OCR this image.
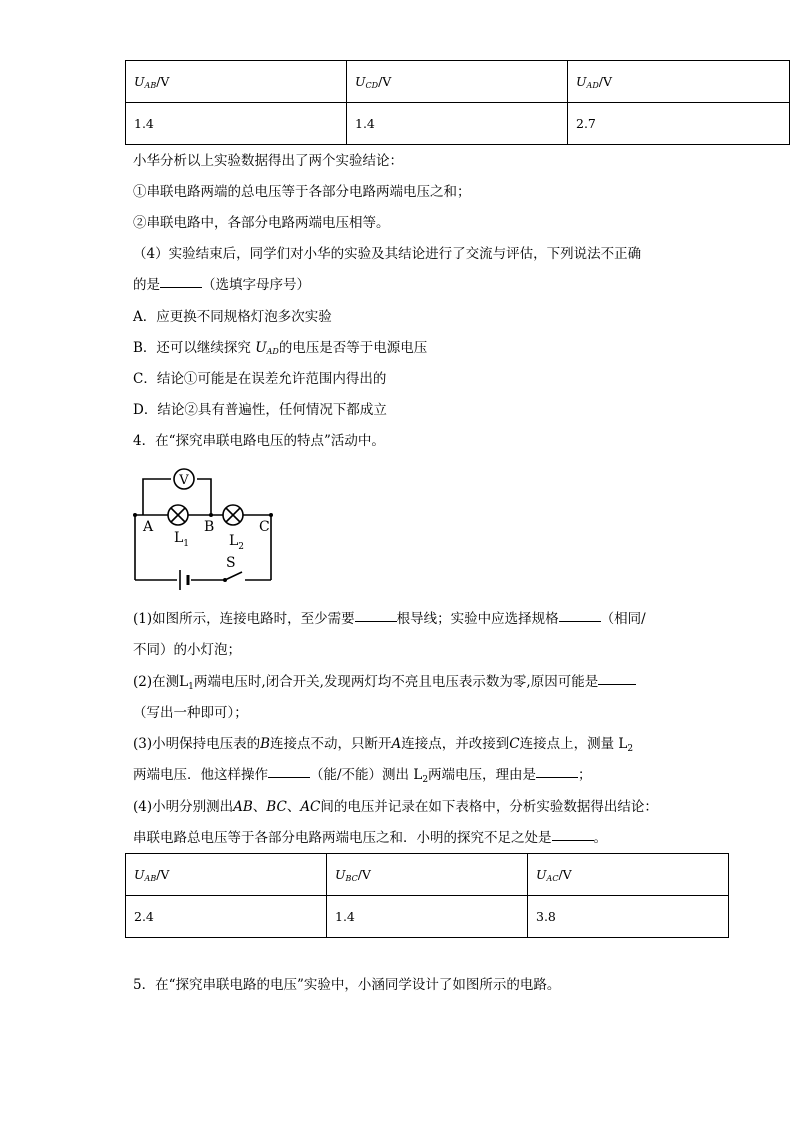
$U_{AB}/V$	$U_{CD}/V$	$U_{AD}/V$
1.4	1.4	2.7
小华分析以上实验数据得出了两个实验结论：
①串联电路两端的总电压等于各部分电路两端电压之和；
②串联电路中，各部分电路两端电压相等。
（4）实验结束后，同学们对小华的实验及其结论进行了交流与评估，下列说法不正确
的是	（选填字母序号）
A．应更换不同规格灯泡多次实验
B．还可以继续探究 $U_{AD}$的电压是否等于电源电压
C．结论①可能是在误差允许范围内得出的
D．结论②具有普遍性，任何情况下都成立
4．在“探究串联电路电压的特点”活动中。
V
A	B	C
$L_1$	$L_2$
S
(1)如图所示，连接电路时，至少需要	根导线；实验中应选择规格	（相同/
不同）的小灯泡；
(2)在测$L_1$两端电压时,闭合开关,发现两灯均不亮且电压表示数为零,原因可能是
（写出一种即可）；
(3)小明保持电压表的B连接点不动，只断开A连接点，并改接到C连接点上，测量 $L_2$
两端电压．他这样操作	（能/不能）测出 $L_2$两端电压，理由是	；
(4)小明分别测出AB、BC、AC间的电压并记录在如下表格中，分析实验数据得出结论：
串联电路总电压等于各部分电路两端电压之和．小明的探究不足之处是	。
$U_{AB}/V$	$U_{BC}/V$	$U_{AC}/V$
2.4	1.4	3.8
5．在“探究串联电路的电压”实验中，小涵同学设计了如图所示的电路。
